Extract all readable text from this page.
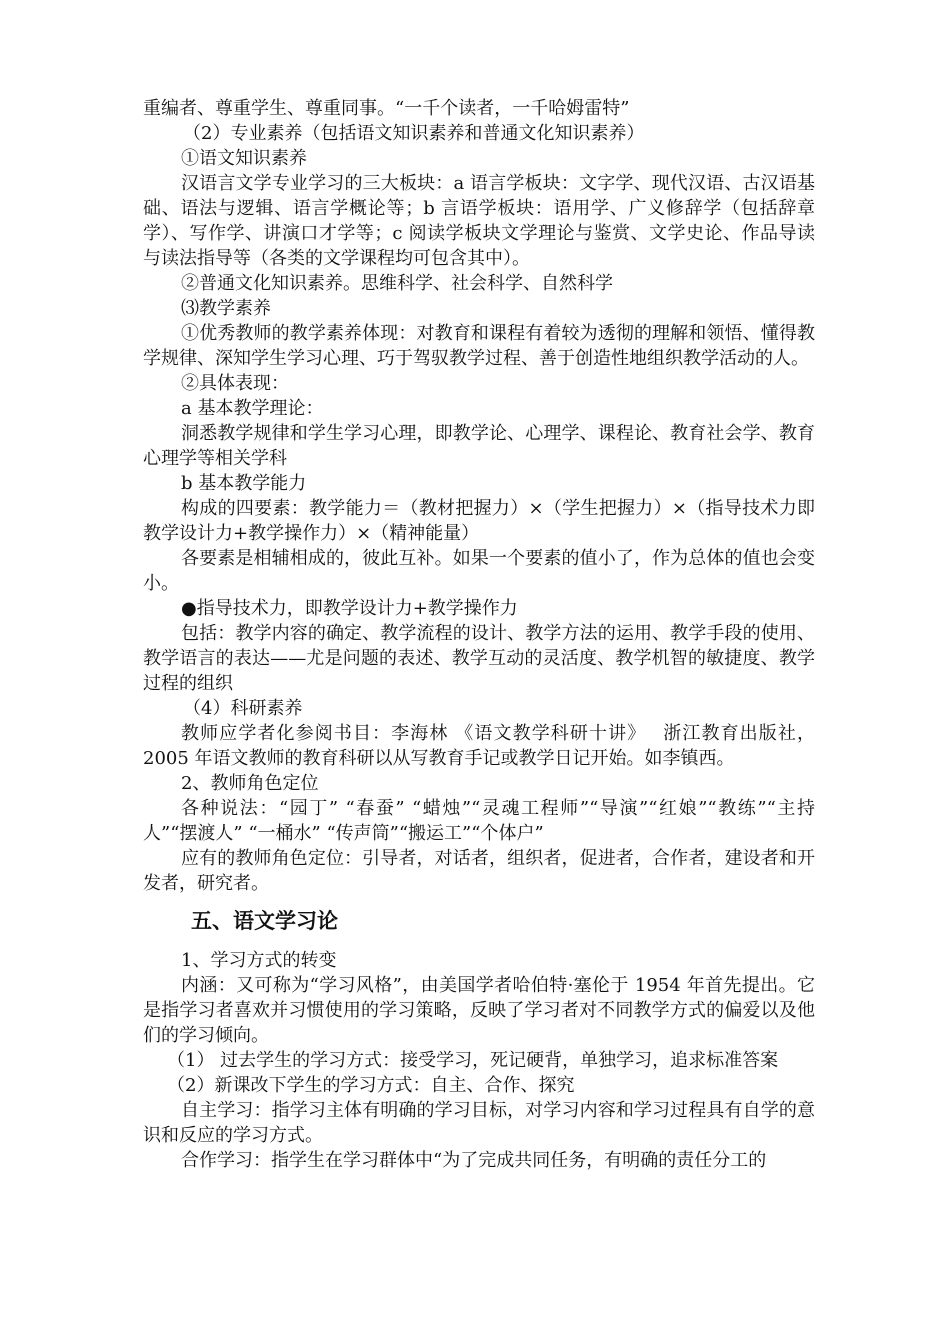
重编者、尊重学生、尊重同事。“一千个读者，一千哈姆雷特”

（2）专业素养（包括语文知识素养和普通文化知识素养）

①语文知识素养

汉语言文学专业学习的三大板块：a 语言学板块：文字学、现代汉语、古汉语基础、语法与逻辑、语言学概论等；b 言语学板块：语用学、广义修辞学（包括辞章学）、写作学、讲演口才学等；c 阅读学板块文学理论与鉴赏、文学史论、作品导读与读法指导等（各类的文学课程均可包含其中）。

②普通文化知识素养。思维科学、社会科学、自然科学

⑶教学素养

①优秀教师的教学素养体现：对教育和课程有着较为透彻的理解和领悟、懂得教学规律、深知学生学习心理、巧于驾驭教学过程、善于创造性地组织教学活动的人。

②具体表现：

a 基本教学理论：

洞悉教学规律和学生学习心理，即教学论、心理学、课程论、教育社会学、教育心理学等相关学科

b 基本教学能力

构成的四要素：教学能力＝（教材把握力）×（学生把握力）×（指导技术力即教学设计力+教学操作力）×（精神能量）

各要素是相辅相成的，彼此互补。如果一个要素的值小了，作为总体的值也会变小。

●指导技术力，即教学设计力+教学操作力

包括：教学内容的确定、教学流程的设计、教学方法的运用、教学手段的使用、教学语言的表达——尤是问题的表述、教学互动的灵活度、教学机智的敏捷度、教学过程的组织

（4）科研素养

教师应学者化参阅书目：李海林 《语文教学科研十讲》　 浙江教育出版社，2005 年语文教师的教育科研以从写教育手记或教学日记开始。如李镇西。

2、教师角色定位

各种说法：“园丁” “春蚕” “蜡烛”“灵魂工程师”“导演”“红娘”“教练”“主持人”“摆渡人” “一桶水” “传声筒”“搬运工”“个体户”

应有的教师角色定位：引导者，对话者，组织者，促进者，合作者，建设者和开发者，研究者。

五、语文学习论

1、学习方式的转变

内涵：又可称为“学习风格”，由美国学者哈伯特·塞伦于 1954 年首先提出。它是指学习者喜欢并习惯使用的学习策略，反映了学习者对不同教学方式的偏爱以及他们的学习倾向。

（1） 过去学生的学习方式：接受学习，死记硬背，单独学习，追求标准答案

（2）新课改下学生的学习方式：自主、合作、探究

自主学习：指学习主体有明确的学习目标，对学习内容和学习过程具有自学的意识和反应的学习方式。

合作学习：指学生在学习群体中“为了完成共同任务，有明确的责任分工的
